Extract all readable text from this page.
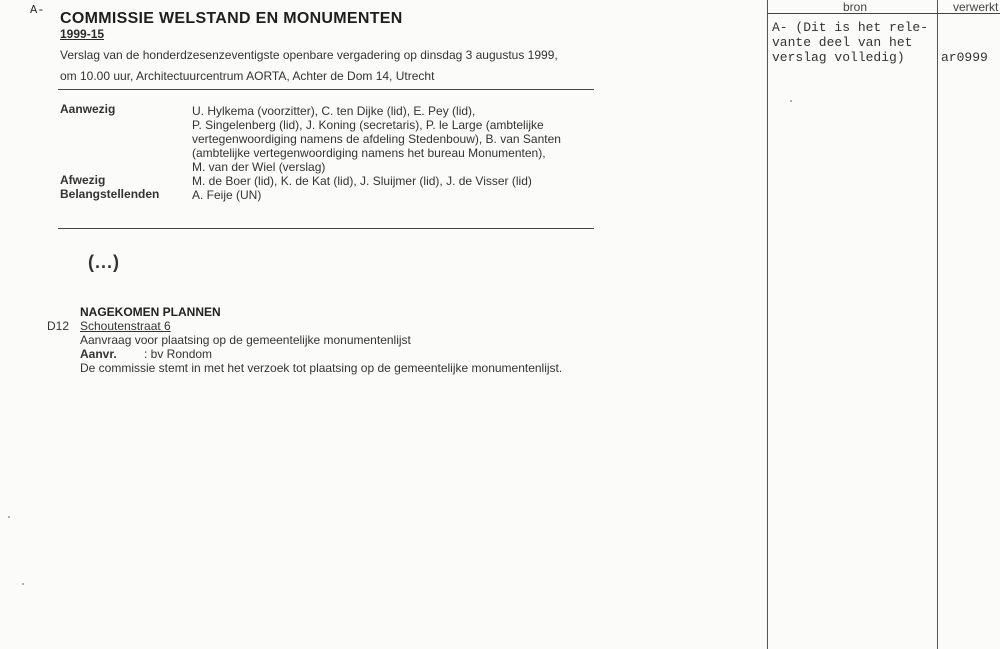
A- COMMISSIE WELSTAND EN MONUMENTEN
1999-15
Verslag van de honderdzesenzeventigste openbare vergadering op dinsdag 3 augustus 1999,
om 10.00 uur, Architectuurcentrum AORTA, Achter de Dom 14, Utrecht
Aanwezig	U. Hylkema (voorzitter), C. ten Dijke (lid), E. Pey (lid),
P. Singelenberg (lid), J. Koning (secretaris), P. le Large (ambtelijke
vertegenwoordiging namens de afdeling Stedenbouw), B. van Santen
(ambtelijke vertegenwoordiging namens het bureau Monumenten),
M. van der Wiel (verslag)
Afwezig	M. de Boer (lid), K. de Kat (lid), J. Sluijmer (lid), J. de Visser (lid)
Belangstellenden	A. Feije (UN)
(...)
NAGEKOMEN PLANNEN
D12 Schoutenstraat 6
Aanvraag voor plaatsing op de gemeentelijke monumentenlijst
Aanvr. : bv Rondom
De commissie stemt in met het verzoek tot plaatsing op de gemeentelijke monumentenlijst.
bron	verwerkt
A- (Dit is het rele-
vante deel van het
verslag volledig)	ar0999
